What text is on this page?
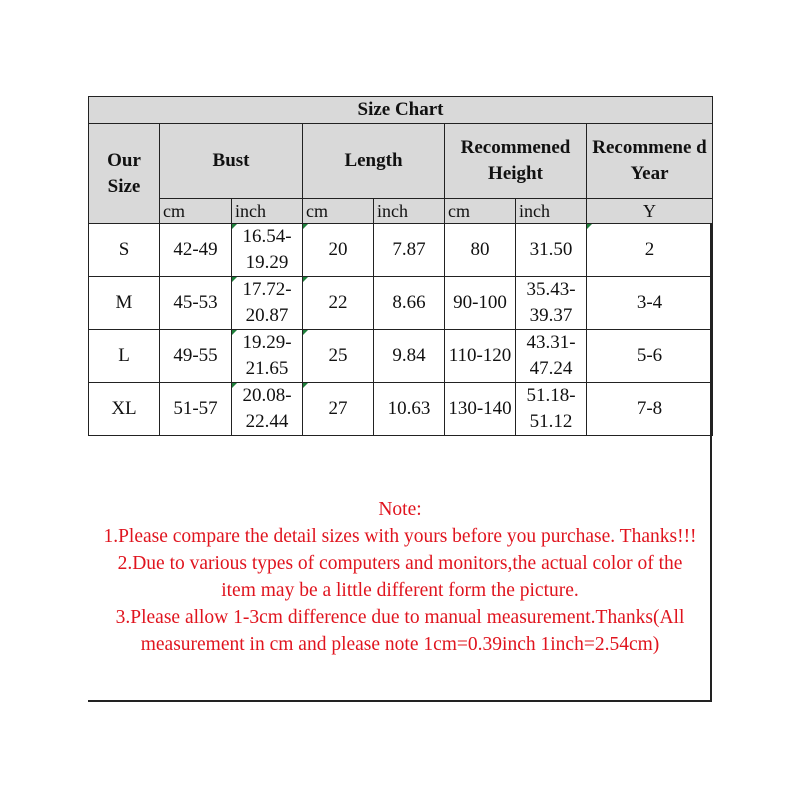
Size Chart							
Our Size	Bust		Length		Recommened Height		Recommene d Year
	cm	inch	cm	inch	cm	inch	Y
S	42-49	16.54-19.29	20	7.87	80	31.50	2
M	45-53	17.72-20.87	22	8.66	90-100	35.43-39.37	3-4
L	49-55	19.29-21.65	25	9.84	110-120	43.31-47.24	5-6
XL	51-57	20.08-22.44	27	10.63	130-140	51.18-51.12	7-8
Note:
1.Please compare the detail sizes with yours before you purchase. Thanks!!!
2.Due to various types of computers and monitors,the actual color of the
item may be a little different form the picture.
3.Please allow 1-3cm difference due to manual measurement.Thanks(All
measurement in cm and please note 1cm=0.39inch 1inch=2.54cm)
